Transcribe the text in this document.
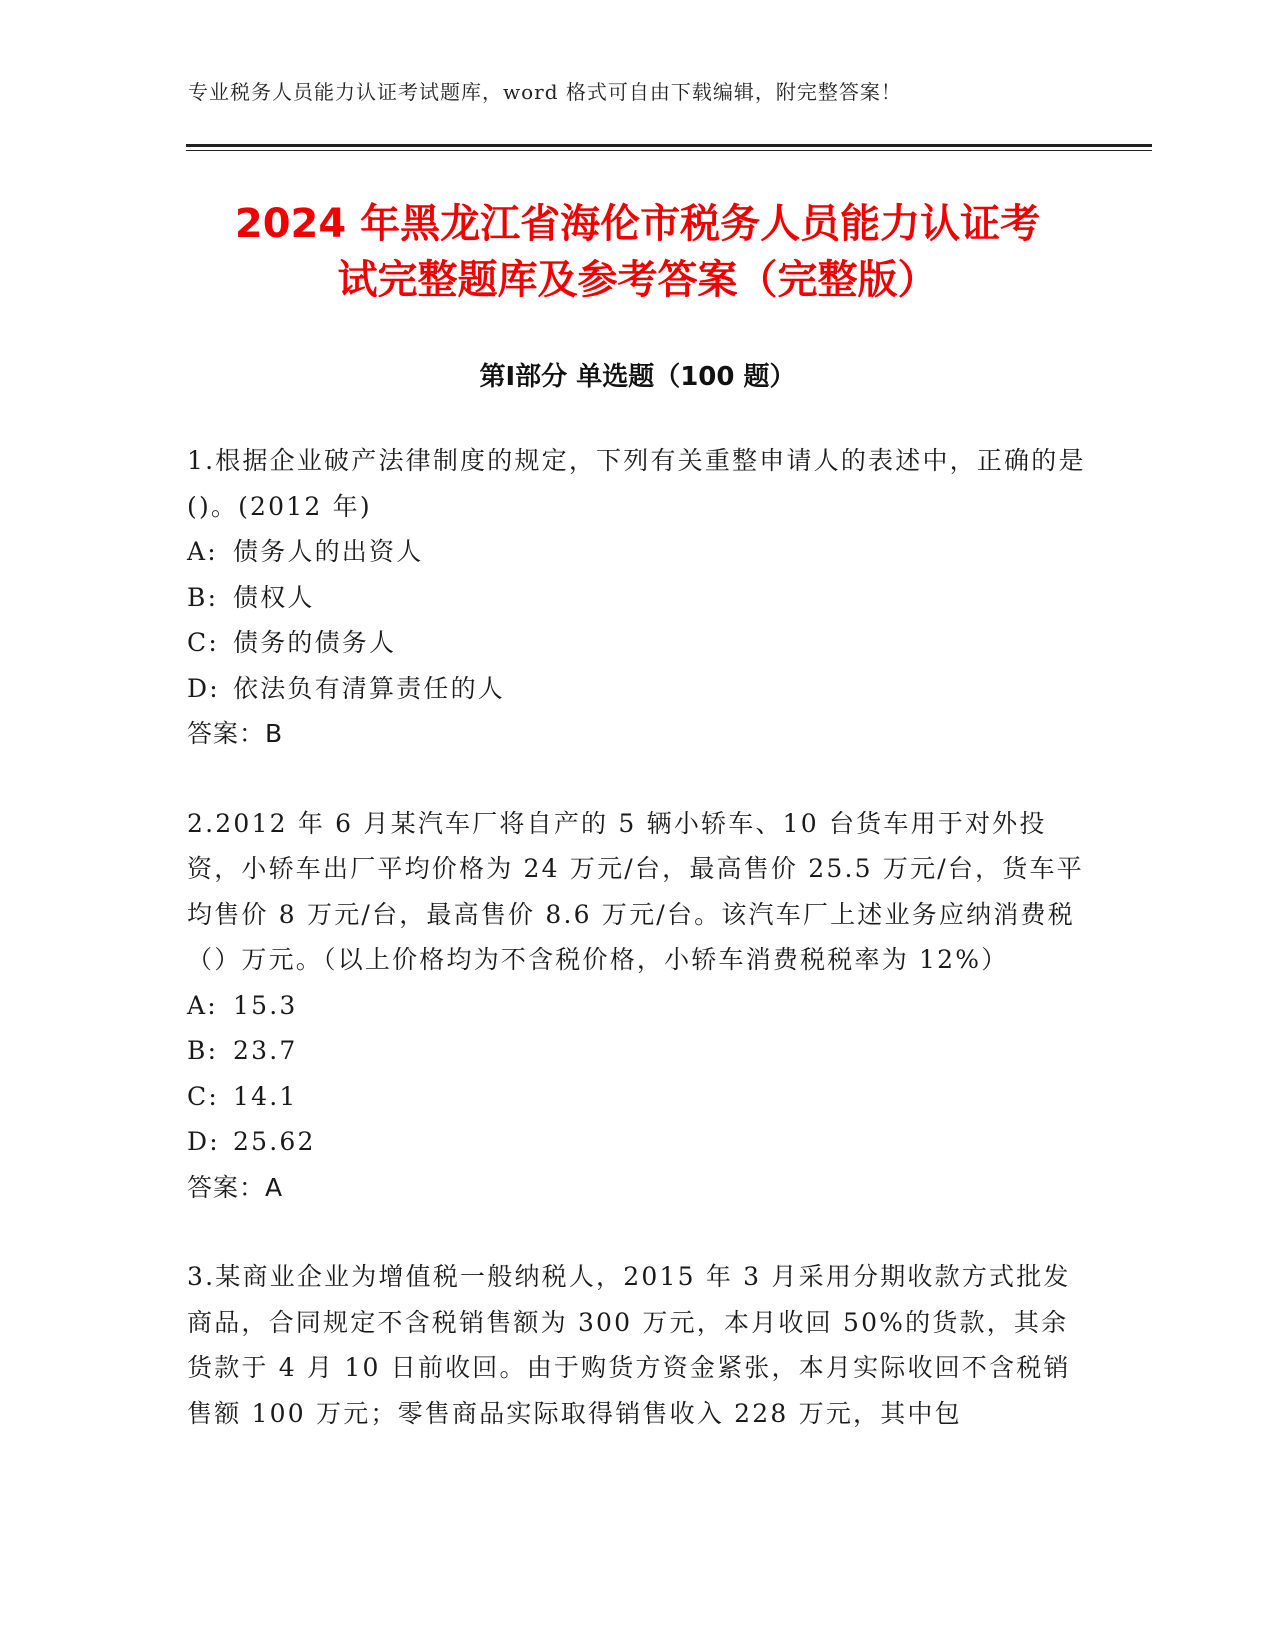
专业税务人员能力认证考试题库，word 格式可自由下载编辑，附完整答案！
2024 年黑龙江省海伦市税务人员能力认证考
试完整题库及参考答案（完整版）
第Ⅰ部分 单选题（100 题）

1.根据企业破产法律制度的规定，下列有关重整申请人的表述中，正确的是()。(2012 年)

A: 债务人的出资人

B: 债权人

C: 债务的债务人

D: 依法负有清算责任的人

答案：B

2.2012 年 6 月某汽车厂将自产的 5 辆小轿车、10 台货车用于对外投资，小轿车出厂平均价格为 24 万元/台，最高售价 25.5 万元/台，货车平均售价 8 万元/台，最高售价 8.6 万元/台。该汽车厂上述业务应纳消费税（）万元。（以上价格均为不含税价格，小轿车消费税税率为 12%）

A: 15.3

B: 23.7

C: 14.1

D: 25.62

答案：A

3.某商业企业为增值税一般纳税人，2015 年 3 月采用分期收款方式批发商品，合同规定不含税销售额为 300 万元，本月收回 50%的货款，其余货款于 4 月 10 日前收回。由于购货方资金紧张，本月实际收回不含税销售额 100 万元；零售商品实际取得销售收入 228 万元，其中包
